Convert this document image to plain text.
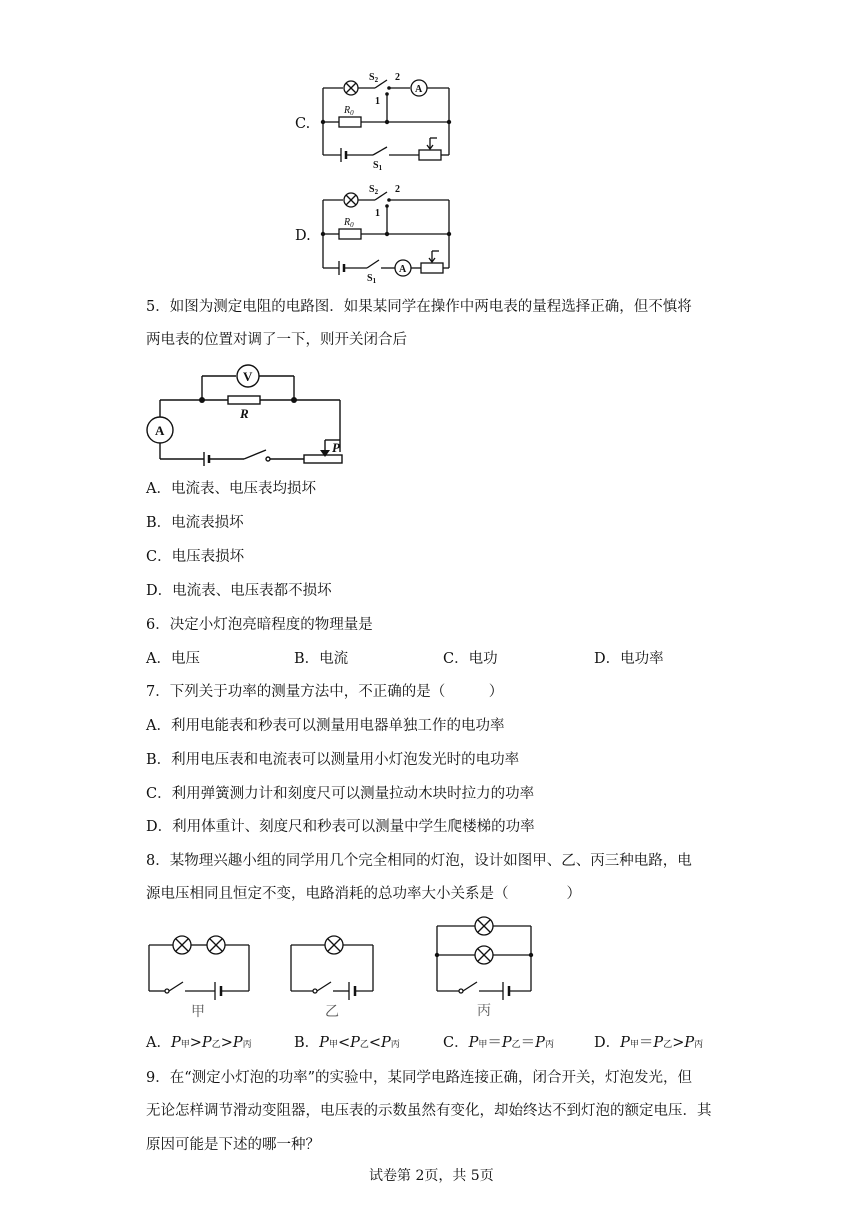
C.
$S_2$ 2
1
A
$R_0$
$S_1$
D.
$S_2$ 2
1
A
$R_0$
$S_1$
5．如图为测定电阻的电路图．如果某同学在操作中两电表的量程选择正确，但不慎将
两电表的位置对调了一下，则开关闭合后
V
A
R
P
A．电流表、电压表均损坏
B．电流表损坏
C．电压表损坏
D．电流表、电压表都不损坏
6．决定小灯泡亮暗程度的物理量是
A．电压	B．电流	C．电功	D．电功率
7．下列关于功率的测量方法中，不正确的是（　　　）
A．利用电能表和秒表可以测量用电器单独工作的电功率
B．利用电压表和电流表可以测量用小灯泡发光时的电功率
C．利用弹簧测力计和刻度尺可以测量拉动木块时拉力的功率
D．利用体重计、刻度尺和秒表可以测量中学生爬楼梯的功率
8．某物理兴趣小组的同学用几个完全相同的灯泡，设计如图甲、乙、丙三种电路，电
源电压相同且恒定不变，电路消耗的总功率大小关系是（　　　　）
甲	乙	丙
A．P甲>P乙>P丙	B．P甲<P乙<P丙	C．P甲＝P乙＝P丙	D．P甲＝P乙>P丙
9．在“测定小灯泡的功率”的实验中，某同学电路连接正确，闭合开关，灯泡发光，但
无论怎样调节滑动变阻器，电压表的示数虽然有变化，却始终达不到灯泡的额定电压．其
原因可能是下述的哪一种？
试卷第 2页，共 5页
